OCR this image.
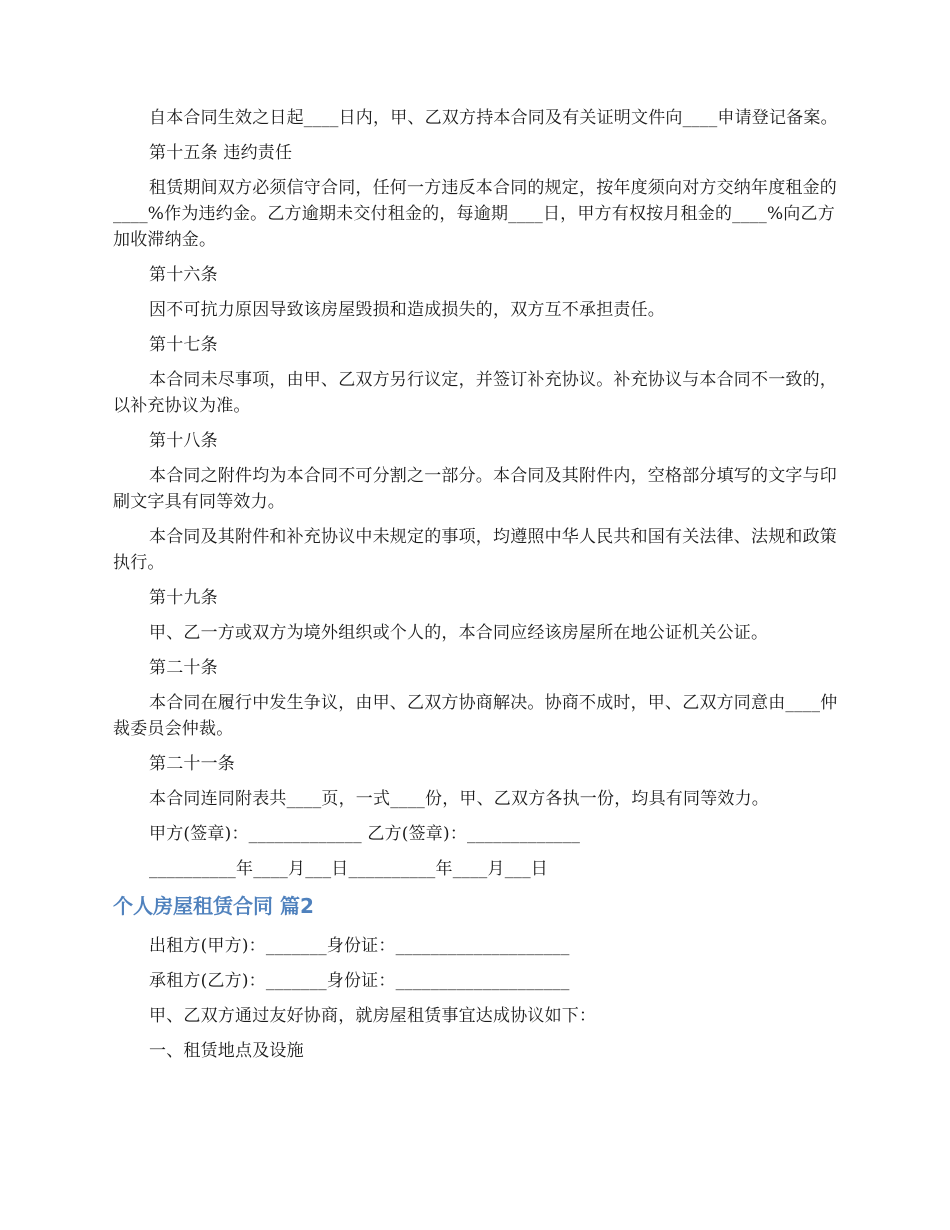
自本合同生效之日起____日内，甲、乙双方持本合同及有关证明文件向____申请登记备案。

第十五条 违约责任

租赁期间双方必须信守合同，任何一方违反本合同的规定，按年度须向对方交纳年度租金的____%作为违约金。乙方逾期未交付租金的，每逾期____日，甲方有权按月租金的____%向乙方加收滞纳金。

第十六条

因不可抗力原因导致该房屋毁损和造成损失的，双方互不承担责任。

第十七条

本合同未尽事项，由甲、乙双方另行议定，并签订补充协议。补充协议与本合同不一致的，以补充协议为准。

第十八条

本合同之附件均为本合同不可分割之一部分。本合同及其附件内，空格部分填写的文字与印刷文字具有同等效力。

本合同及其附件和补充协议中未规定的事项，均遵照中华人民共和国有关法律、法规和政策执行。

第十九条

甲、乙一方或双方为境外组织或个人的，本合同应经该房屋所在地公证机关公证。

第二十条

本合同在履行中发生争议，由甲、乙双方协商解决。协商不成时，甲、乙双方同意由____仲裁委员会仲裁。

第二十一条

本合同连同附表共____页，一式____份，甲、乙双方各执一份，均具有同等效力。

甲方(签章)：_____________ 乙方(签章)：_____________

__________年____月___日__________年____月___日

个人房屋租赁合同 篇2

出租方(甲方)：_______身份证：____________________

承租方(乙方)：_______身份证：____________________

甲、乙双方通过友好协商，就房屋租赁事宜达成协议如下：

一、租赁地点及设施
